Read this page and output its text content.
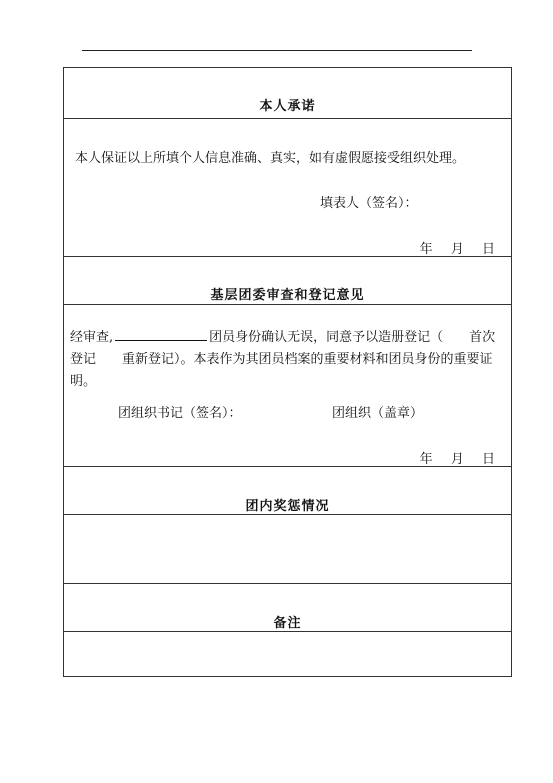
本人承诺
本人保证以上所填个人信息准确、真实，如有虚假愿接受组织处理。
填表人（签名）：
年 月 日
基层团委审查和登记意见
经审查,	团员身份确认无误，同意予以造册登记（ 首次登记 重新登记）。本表作为其团员档案的重要材料和团员身份的重要证明。
团组织书记（签名）：	团组织（盖章）
年 月 日
团内奖惩情况
备注
